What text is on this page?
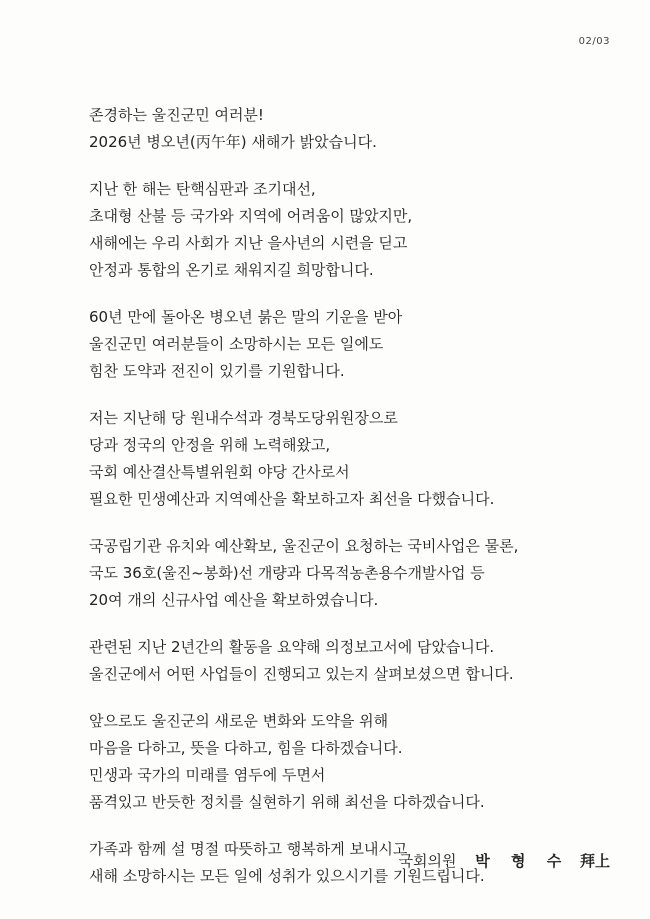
02/03
존경하는 울진군민 여러분!
2026년 병오년(丙午年) 새해가 밝았습니다.
지난 한 해는 탄핵심판과 조기대선,
초대형 산불 등 국가와 지역에 어려움이 많았지만,
새해에는 우리 사회가 지난 을사년의 시련을 딛고
안정과 통합의 온기로 채워지길 희망합니다.
60년 만에 돌아온 병오년 붉은 말의 기운을 받아
울진군민 여러분들이 소망하시는 모든 일에도
힘찬 도약과 전진이 있기를 기원합니다.
저는 지난해 당 원내수석과 경북도당위원장으로
당과 정국의 안정을 위해 노력해왔고,
국회 예산결산특별위원회 야당 간사로서
필요한 민생예산과 지역예산을 확보하고자 최선을 다했습니다.
국공립기관 유치와 예산확보, 울진군이 요청하는 국비사업은 물론,
국도 36호(울진~봉화)선 개량과 다목적농촌용수개발사업 등
20여 개의 신규사업 예산을 확보하였습니다.
관련된 지난 2년간의 활동을 요약해 의정보고서에 담았습니다.
울진군에서 어떤 사업들이 진행되고 있는지 살펴보셨으면 합니다.
앞으로도 울진군의 새로운 변화와 도약을 위해
마음을 다하고, 뜻을 다하고, 힘을 다하겠습니다.
민생과 국가의 미래를 염두에 두면서
품격있고 반듯한 정치를 실현하기 위해 최선을 다하겠습니다.
가족과 함께 설 명절 따뜻하고 행복하게 보내시고
새해 소망하시는 모든 일에 성취가 있으시기를 기원드립니다.
국회의원 박 형 수 拜上
